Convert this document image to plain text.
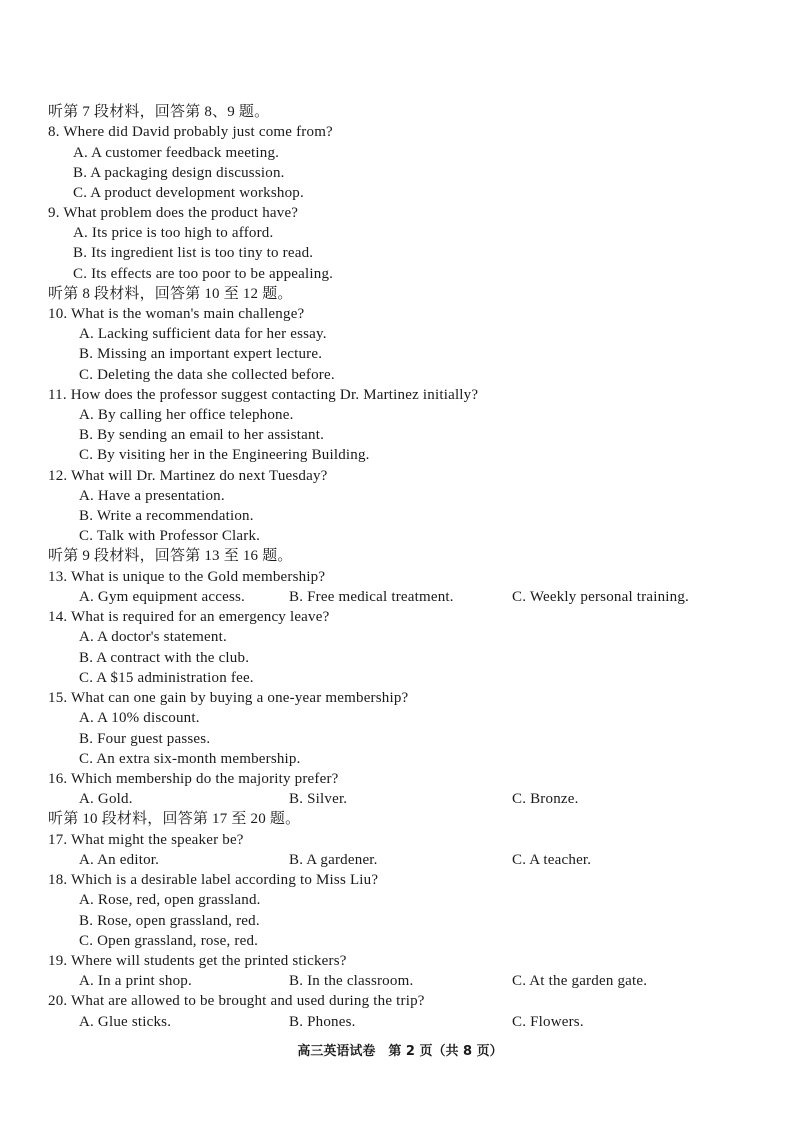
听第 7 段材料，回答第 8、9 题。
8. Where did David probably just come from?
A. A customer feedback meeting.
B. A packaging design discussion.
C. A product development workshop.
9. What problem does the product have?
A. Its price is too high to afford.
B. Its ingredient list is too tiny to read.
C. Its effects are too poor to be appealing.
听第 8 段材料，回答第 10 至 12 题。
10. What is the woman's main challenge?
A. Lacking sufficient data for her essay.
B. Missing an important expert lecture.
C. Deleting the data she collected before.
11. How does the professor suggest contacting Dr. Martinez initially?
A. By calling her office telephone.
B. By sending an email to her assistant.
C. By visiting her in the Engineering Building.
12. What will Dr. Martinez do next Tuesday?
A. Have a presentation.
B. Write a recommendation.
C. Talk with Professor Clark.
听第 9 段材料，回答第 13 至 16 题。
13. What is unique to the Gold membership?
A. Gym equipment access.	B. Free medical treatment.	C. Weekly personal training.
14. What is required for an emergency leave?
A. A doctor's statement.
B. A contract with the club.
C. A $15 administration fee.
15. What can one gain by buying a one-year membership?
A. A 10% discount.
B. Four guest passes.
C. An extra six-month membership.
16. Which membership do the majority prefer?
A. Gold.	B. Silver.	C. Bronze.
听第 10 段材料，回答第 17 至 20 题。
17. What might the speaker be?
A. An editor.	B. A gardener.	C. A teacher.
18. Which is a desirable label according to Miss Liu?
A. Rose, red, open grassland.
B. Rose, open grassland, red.
C. Open grassland, rose, red.
19. Where will students get the printed stickers?
A. In a print shop.	B. In the classroom.	C. At the garden gate.
20. What are allowed to be brought and used during the trip?
A. Glue sticks.	B. Phones.	C. Flowers.
高三英语试卷　第 2 页（共 8 页）
